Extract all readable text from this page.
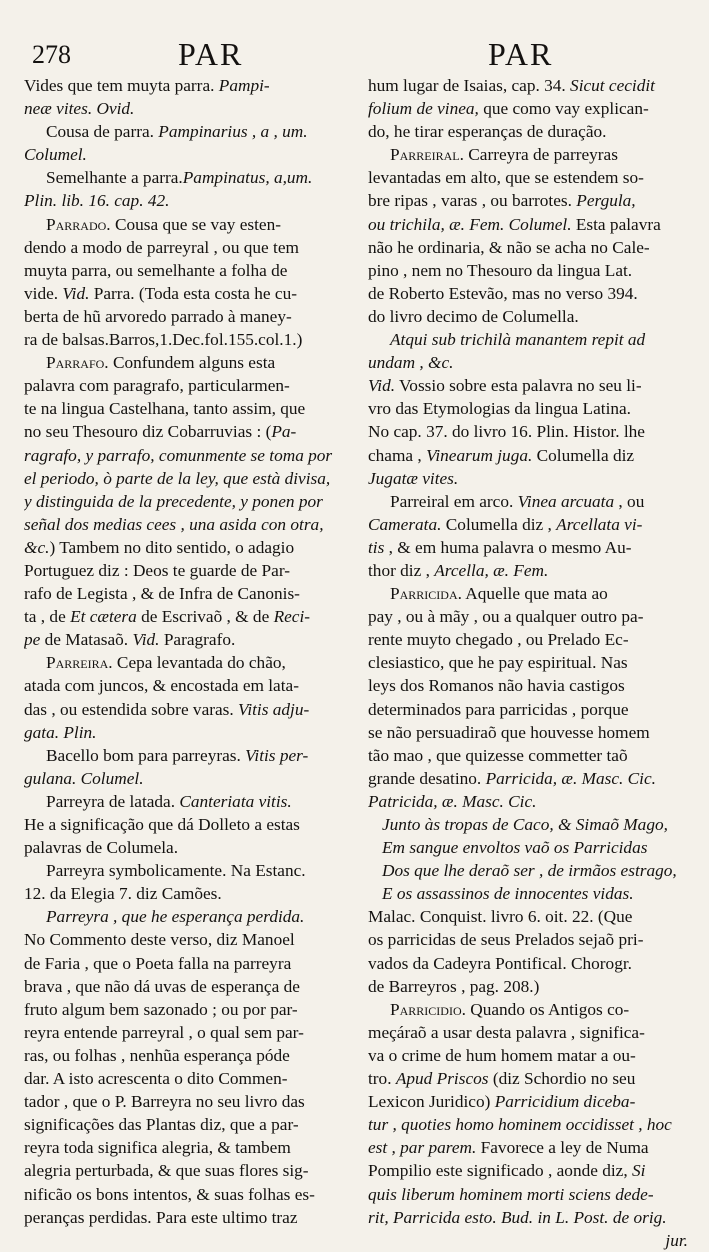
278	PAR	PAR
Vides que tem muyta parra. Pampi-
neæ vites. Ovid.
Cousa de parra. Pampinarius , a , um.
Columel.
Semelhante a parra.Pampinatus, a,um.
Plin. lib. 16. cap. 42.
Parrado. Cousa que se vay esten-
dendo a modo de parreyral , ou que tem
muyta parra, ou semelhante a folha de
vide. Vid. Parra. (Toda esta costa he cu-
berta de hũ arvoredo parrado à maney-
ra de balsas.Barros,1.Dec.fol.155.col.1.)
Parrafo. Confundem alguns esta
palavra com paragrafo, particularmen-
te na lingua Castelhana, tanto assim, que
no seu Thesouro diz Cobarruvias : (Pa-
ragrafo, y parrafo, comunmente se toma por
el periodo, ò parte de la ley, que està divisa,
y distinguida de la precedente, y ponen por
señal dos medias cees , una asida con otra,
&c.) Tambem no dito sentido, o adagio
Portuguez diz : Deos te guarde de Par-
rafo de Legista , & de Infra de Canonis-
ta , de Et cætera de Escrivaõ , & de Reci-
pe de Matasaõ. Vid. Paragrafo.
Parreira. Cepa levantada do chão,
atada com juncos, & encostada em lata-
das , ou estendida sobre varas. Vitis adju-
gata. Plin.
Bacello bom para parreyras. Vitis per-
gulana. Columel.
Parreyra de latada. Canteriata vitis.
He a significação que dá Dolleto a estas
palavras de Columela.
Parreyra symbolicamente. Na Estanc.
12. da Elegia 7. diz Camões.
Parreyra , que he esperança perdida.
No Commento deste verso, diz Manoel
de Faria , que o Poeta falla na parreyra
brava , que não dá uvas de esperança de
fruto algum bem sazonado ; ou por par-
reyra entende parreyral , o qual sem par-
ras, ou folhas , nenhũa esperança póde
dar. A isto acrescenta o dito Commen-
tador , que o P. Barreyra no seu livro das
significações das Plantas diz, que a par-
reyra toda significa alegria, & tambem
alegria perturbada, & que suas flores sig-
nificão os bons intentos, & suas folhas es-
peranças perdidas. Para este ultimo traz
hum lugar de Isaias, cap. 34. Sicut cecidit
folium de vinea, que como vay explican-
do, he tirar esperanças de duração.
Parreiral. Carreyra de parreyras
levantadas em alto, que se estendem so-
bre ripas , varas , ou barrotes. Pergula,
ou trichila, æ. Fem. Columel. Esta palavra
não he ordinaria, & não se acha no Cale-
pino , nem no Thesouro da lingua Lat.
de Roberto Estevão, mas no verso 394.
do livro decimo de Columella.
Atqui sub trichilà manantem repit ad
undam , &c.
Vid. Vossio sobre esta palavra no seu li-
vro das Etymologias da lingua Latina.
No cap. 37. do livro 16. Plin. Histor. lhe
chama , Vinearum juga. Columella diz
Jugatæ vites.
Parreiral em arco. Vinea arcuata , ou
Camerata. Columella diz , Arcellata vi-
tis , & em huma palavra o mesmo Au-
thor diz , Arcella, æ. Fem.
Parricida. Aquelle que mata ao
pay , ou à mãy , ou a qualquer outro pa-
rente muyto chegado , ou Prelado Ec-
clesiastico, que he pay espiritual. Nas
leys dos Romanos não havia castigos
determinados para parricidas , porque
se não persuadiraõ que houvesse homem
tão mao , que quizesse commetter taõ
grande desatino. Parricida, æ. Masc. Cic.
Patricida, æ. Masc. Cic.
Junto às tropas de Caco, & Simaõ Mago,
Em sangue envoltos vaõ os Parricidas
Dos que lhe deraõ ser , de irmãos estrago,
E os assassinos de innocentes vidas.
Malac. Conquist. livro 6. oit. 22. (Que
os parricidas de seus Prelados sejaõ pri-
vados da Cadeyra Pontifical. Chorogr.
de Barreyros , pag. 208.)
Parricidio. Quando os Antigos co-
meçáraõ a usar desta palavra , significa-
va o crime de hum homem matar a ou-
tro. Apud Priscos (diz Schordio no seu
Lexicon Juridico) Parricidium diceba-
tur , quoties homo hominem occidisset , hoc
est , par parem. Favorece a ley de Numa
Pompilio este significado , aonde diz, Si
quis liberum hominem morti sciens dede-
rit, Parricida esto. Bud. in L. Post. de orig.
jur.
